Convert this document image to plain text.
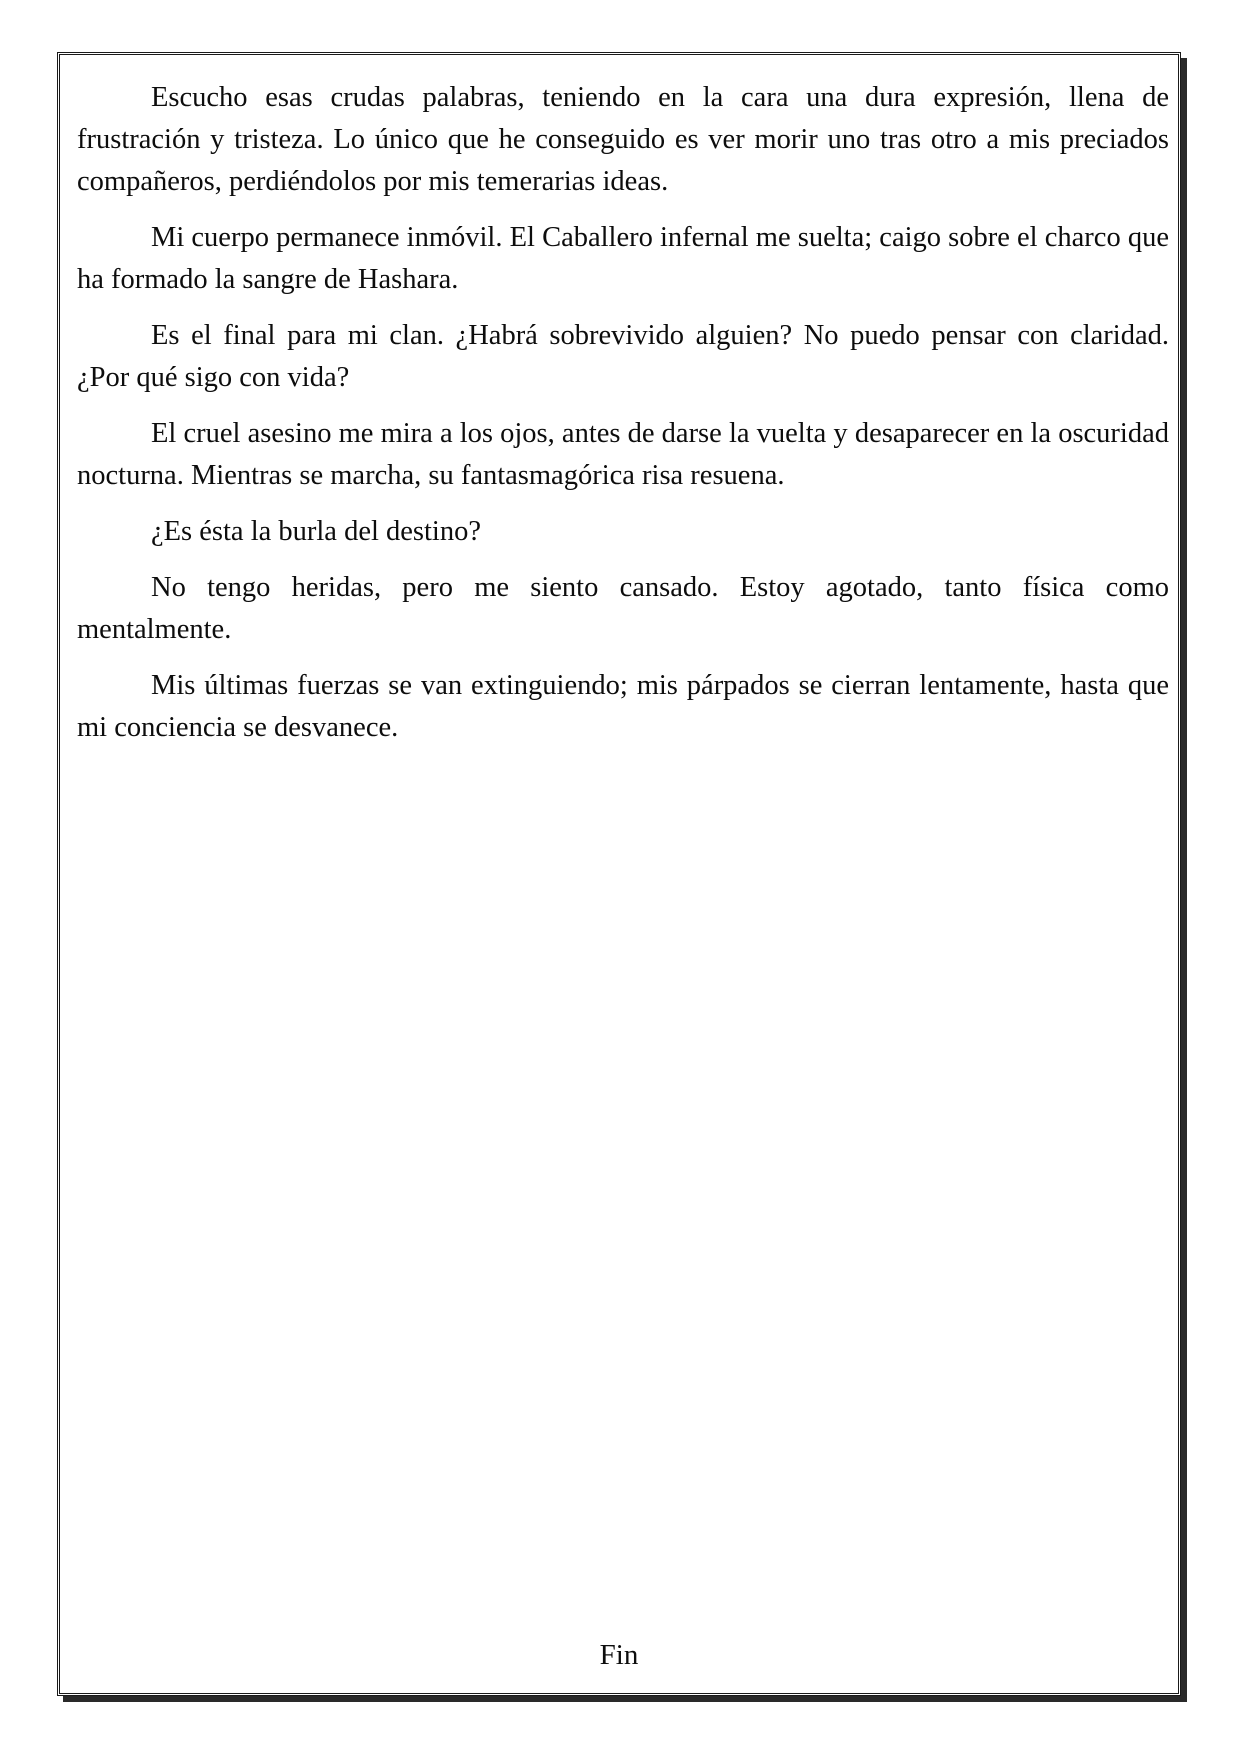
Escucho esas crudas palabras, teniendo en la cara una dura expresión, llena de frustración y tristeza. Lo único que he conseguido es ver morir uno tras otro a mis preciados compañeros, perdiéndolos por mis temerarias ideas.

Mi cuerpo permanece inmóvil. El Caballero infernal me suelta; caigo sobre el charco que ha formado la sangre de Hashara.

Es el final para mi clan. ¿Habrá sobrevivido alguien? No puedo pensar con claridad. ¿Por qué sigo con vida?

El cruel asesino me mira a los ojos, antes de darse la vuelta y desaparecer en la oscuridad nocturna. Mientras se marcha, su fantasmagórica risa resuena.

¿Es ésta la burla del destino?

No tengo heridas, pero me siento cansado. Estoy agotado, tanto física como mentalmente.

Mis últimas fuerzas se van extinguiendo; mis párpados se cierran lentamente, hasta que mi conciencia se desvanece.

Fin
